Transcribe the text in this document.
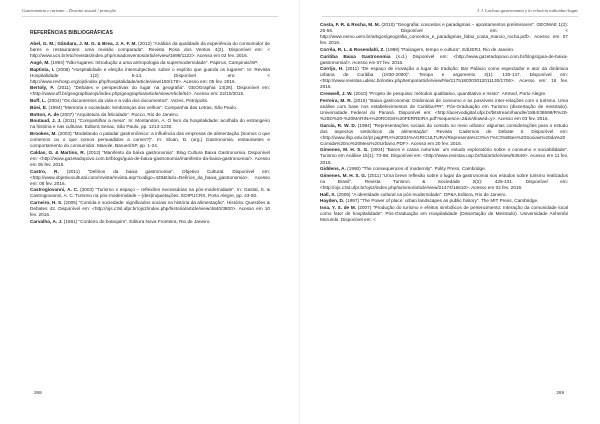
Gastronomia e turismo – Destino sexual / proteção
REFERÊNCIAS BIBLIOGRÁFICAS

Abel, G. M.; Gândara, J. M. G. & Brea, J. A. F. M. (2012) “Análisis da qualidade da experiência do consumidor de bares e restaurantes: uma revisão comparada”. Revista Rosa dos Ventos 4(2). Disponível em: < http://www.ucs.br/etc/revistas/index.php/rosadosventos/article/view/1699/1122>. Acesso em 02 fev. 2016.

Augé, M. (1994) “Não-lugares: Introdução a uma antropologia da supermodernidade”. Papirus, Campinas/SP.

Baptista, I. (2008) “Hospitalidade e eleição intersubjectiva: sobre o espírito que guarda os lugares”. In: Revista Hospitalidade 1(2): 5-14. Disponível em: < http://www.revhosp.org/ojs/index.php/hospitalidade/article/view/150/179>. Acesso em: 05 fev. 2016.

Bertoly, F. (2011) “Debates e perspectivas do lugar na geografia”. GEOGraphia 13(26). Disponível em: <http://www.uff.br/geographia/ojs/index.php/geographia/article/viewArticle/54>. Acesso em: 22/10/2015.

Boff, L. (2004) “Os documentos da vida e a vida dos documentos”. Vozes, Petrópolis.

Bóei, E. (1994) “Memória e sociedade: lembranças dos velhos”. Companhia das Letras, São Paulo.

Botton, A. de (2007) “Arquitetura da felicidade”. Rocco, Rio de Janeiro.

Boutaud, J. J. (2011) “Compartilhar a mesa”. In: Montandon, A. O livro da hospitalidade: acolhida do estrangeiro na história e nas culturas. Editora Senac, São Paulo, pp. 1213-1230.

Brookes, M. (2003) “Modelando o paladar gastronômico: a influência das empresas de alimentação (Somos o que comemos ou o que somos persuadidos a comer?)”. In: Sloan, D. (org.) Gastronomia, restaurantes e comportamento do consumidor. Manole, Barueri/SP, pp. 1-24.

Caldas, G. & Martins, R. (2012) “Manifesto da baixa gastronomia”. Blog Cultura Baixa Gastronomia. Disponível em: <http://www.gazetadopovo.com.br/blogs/guia-de-baixa-gastronomia/manifesto-da-baixa-gastronomia/>. Acesso em 05 fev. 2016.

Castro, R. (2011) “Delírios da baixa gastronomia”. Objetivo Cultural. Disponível em: <http://www.objetivocultural.com/revista/revista.asp?codigo=428&titulo=Delírios_da_baixa_gastronomia>. Acesso em: 08 fev. 2016.

Castrogiovanni, A. C. (2003) “Turismo x espaço – reflexões necessárias na pós-modernidade”. In: Gastal, S. & Castrogiovanni, A. C. Turismo na pós-modernidade – (des)inquietações. EDIPUCRS, Porto Alegre, pp. 43-50.

Carneiro, H. S. (2005) “Comida e sociedade: significados sociais na história da alimentação”. História: Questões & Debates 42. Disponível em: <http://ojs.c3sl.ufpr.br/ojs2/index.php/historia/article/view/4640/3800>. Acesso em 10 fev. 2016.

Carvalho, A. J. (1981) “Cordeiro de botequim”. Editora Nova Fronteira, Rio de Janeiro.

268
J. I. Laclosa gastronomia y la relación individuo-lugar

Costa, F. R. & Rocha, M. M. (2010) “Geografia: conceitos e paradigmas – apontamentos preliminares”. GEOMAE 1(2): 25-56. Disponível em: < http://www.nemo.uem.br/artigos/geografia_conceitos_e_paradigmas_fabio_costa_marcio_rocha.pdf>. Acesso em 07 fev. 2016.

Corrêa, R. L. & Rosendahl, Z. (1998) “Paisagem, tempo e cultura”. EdUERJ, Rio de Janeiro.

Curitiba Baixa Gastronomia (s.d.) Disponível em: <http://www.gazetadopovo.com.br/blogs/guia-de-baixa-gastronomia/>. Acesso em 07 fev. 2016.

Corrijo, H. (2011) “De espaço de inovação a lugar de tradição: Bar Palácio como espectador e ator da dinâmica urbana de Curitiba (1930-2000)”. Tempo e argumento 3(1): 130-147. Disponível em: <http://www.revistas.udesc.br/index.php/tempo/article/viewFile/2175180303012011130/1706>. Acesso em: 16 fev. 2016.

Creswell, J. W. (2010) “Projeto de pesquisa: métodos qualitativo, quantitativo e misto”. Artmed, Porto Alegre.

Ferreira, M. R. (2015) “Baixa gastronomia: Dinâmicas de consumo e as possíveis inter-relações com o turismo. Uma análise com base nos estabelecimentos de Curitiba-PR”. Pós-Graduação em Turismo (dissertação de mestrado). Universidade Federal do Paraná. Disponível em: <http://acervodigital.ufpr.br/bitstream/handle/1884/38698/R%20-%20D%20-%20MARINA%20ROSSI%20FERREIRA.pdf?sequence=2&isAllowed=y>. Acesso em 03 fev. 2016.

Garcia, R. W. D. (1994) “Representações sociais da comida no meio urbano: algumas considerações para o estudo dos aspectos simbólicos da alimentação”. Revista Cadernos de Debate II. Disponível em: <http://www.ifsp.edu.br/pt.pagPRA%20204%AGRICULTURA/Representa%C3%A7%C3%B5es%20Sociais%20da%20Comida%20no%20Meio%20Urbano.PDF>. Acesso em 20 fev. 2016.

Gimenes, M. H. S. G. (2004) “Bares e casas noturnas: um estudo exploratório sobre o consumo e sociabilidade”. Turismo em Análise 15(1): 73-88. Disponível em: <http://www.revistas.usp.br/rta/article/view/63649>. Acesso em 11 fev. 2015.

Giddens, A. (1990) “The consequences of modernity”. Polity Press, Cambridge.

Gimenes, M. H. S. G. (2011) “Uma breve reflexão sobre o lugar da gastronomia nos estudos sobre turismo realizados no Brasil”. Revista Turismo & Sociedade 2(2): 425-431. Disponível em: <http://ojs.c3sl.ufpr.br/ojs2/index.php/turismo/article/view/21474/16610>. Acesso em 02 fev. 2016.

Hall, S. (2006) “A identidade cultural na pós-modernidade”. DP&A Editora, Rio de Janeiro.

Hayden, D. (1997) “The Power of place: urban landscapes as public history”. The MIT Press, Cambridge.

Issa, Y. S. de M. (2007) “Produção do turismo e efeitos simbólicos de pertencimento: Interação da comunidade local como fator de hospitalidade”. Pós-Graduação em Hospitalidade (Dissertação de Mestrado). Universidade Anhembi Morumbi. Disponível em: <

269
